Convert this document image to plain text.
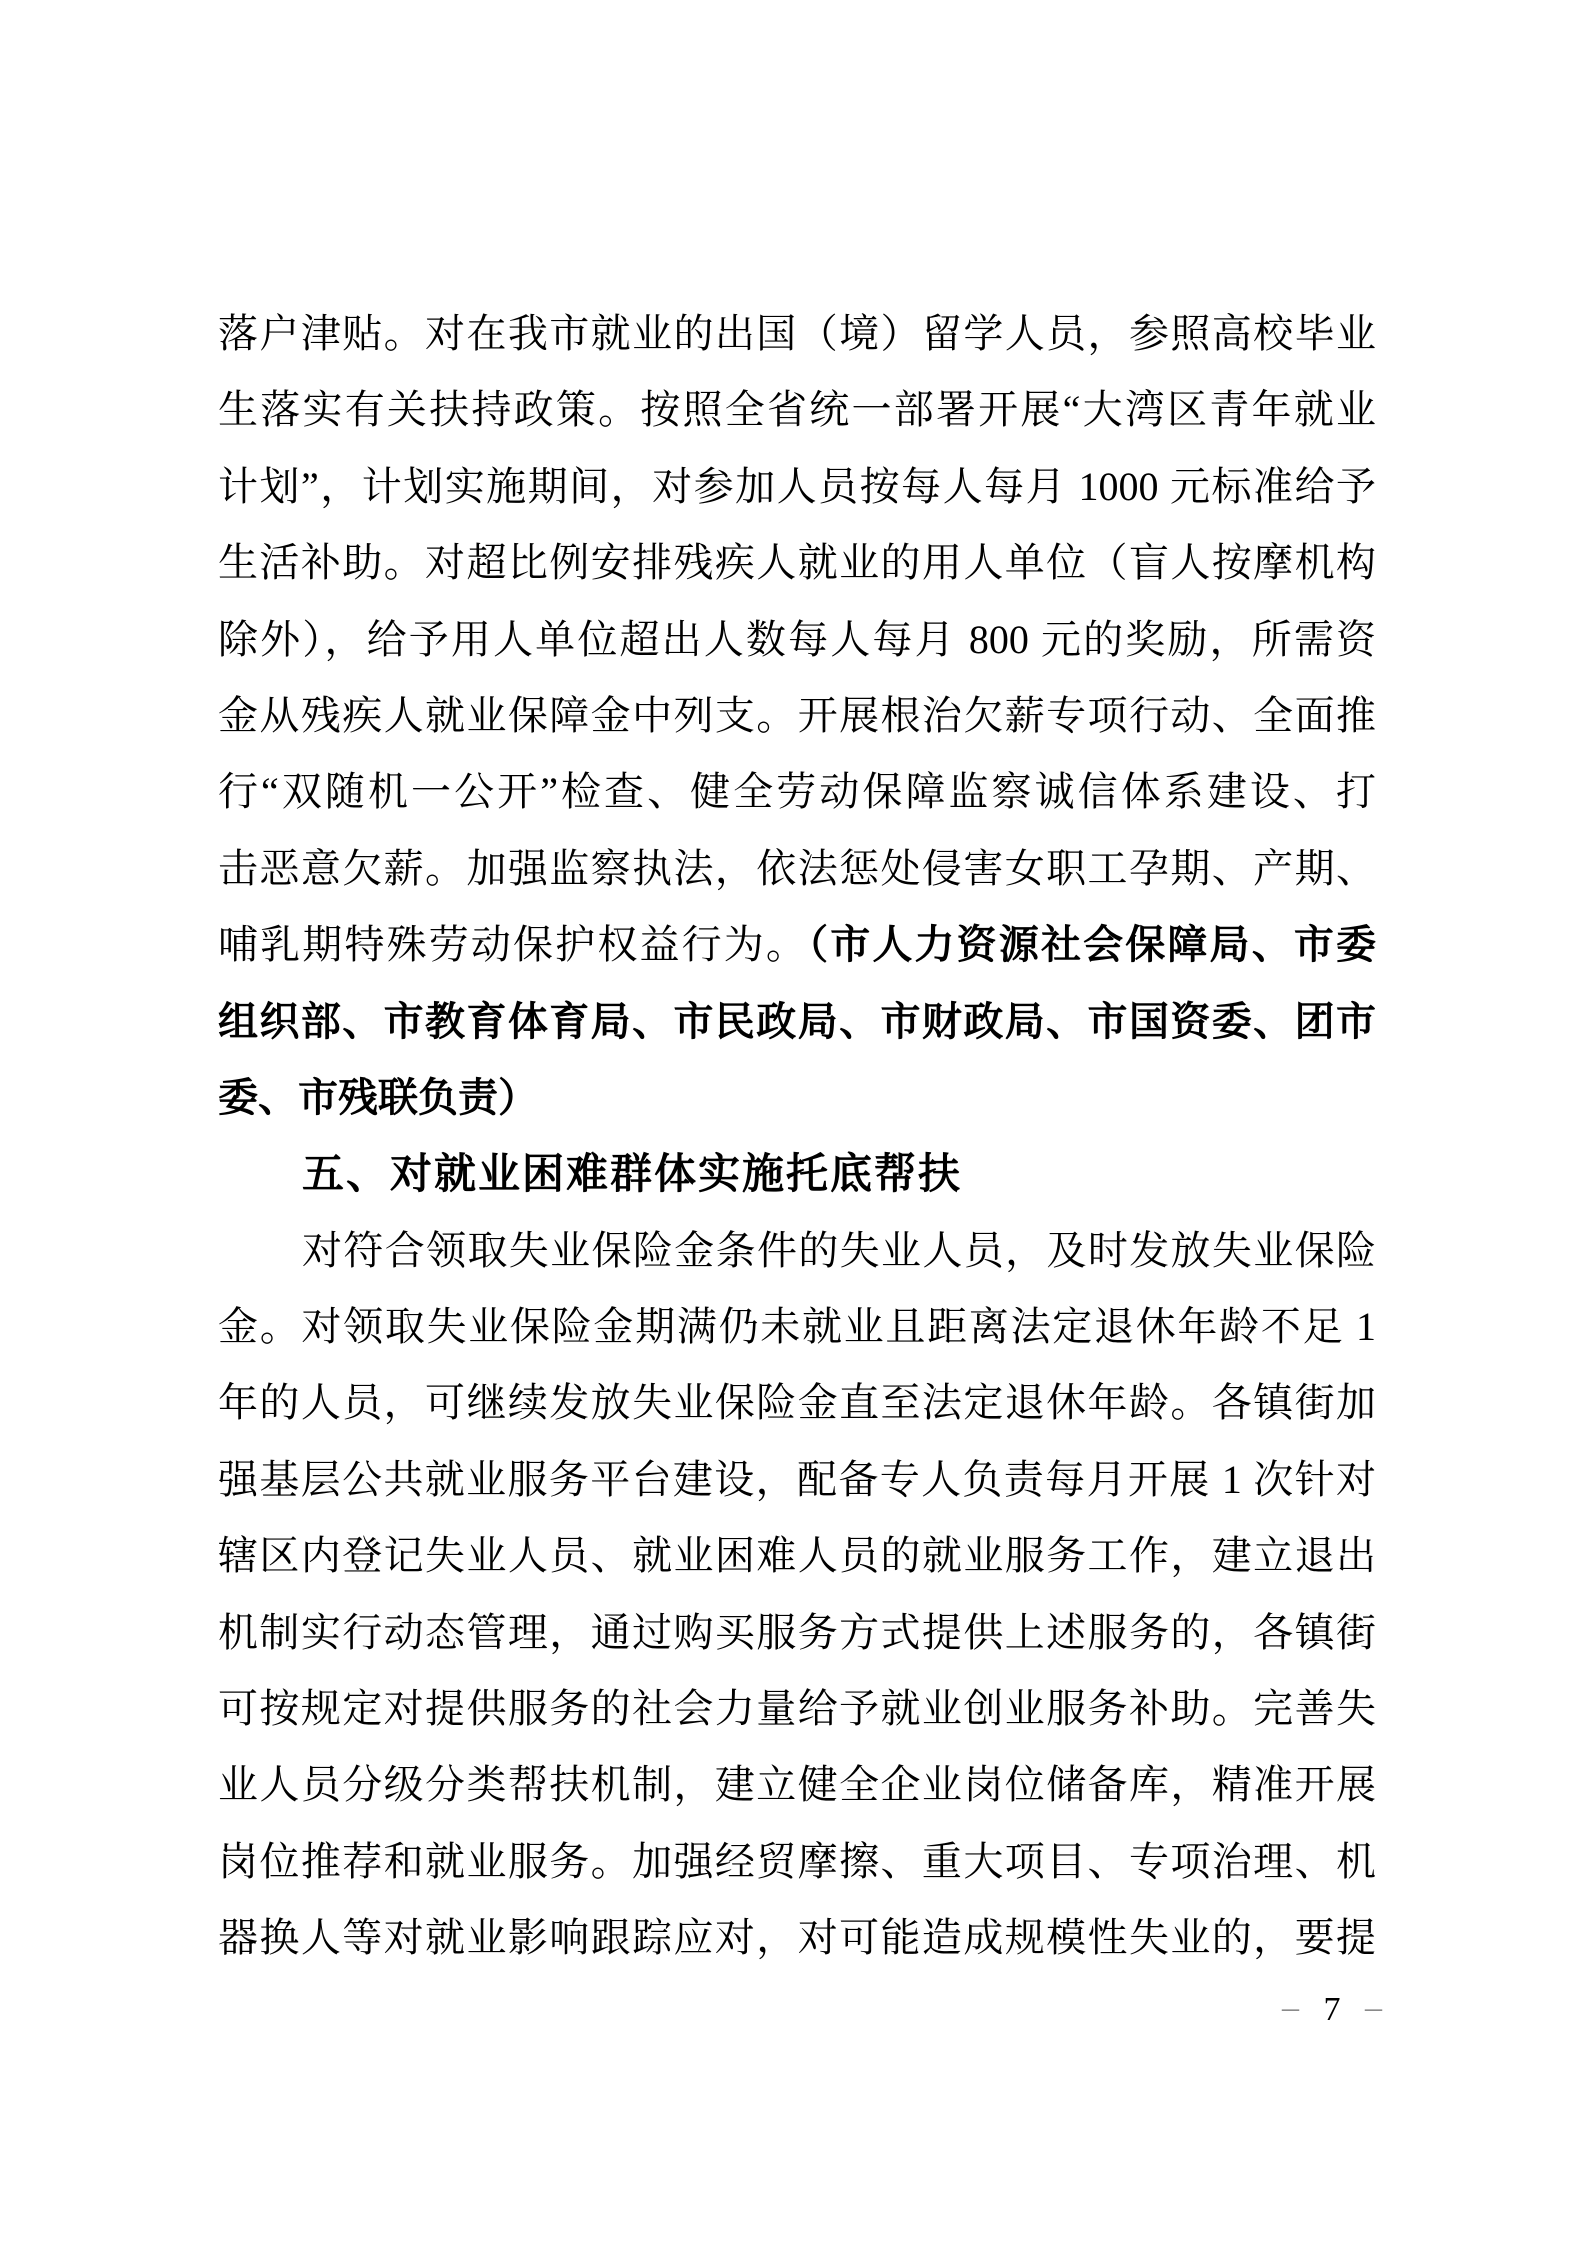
落户津贴。对在我市就业的出国（境）留学人员，参照高校毕业
生落实有关扶持政策。按照全省统一部署开展“大湾区青年就业
计划”，计划实施期间，对参加人员按每人每月 1000 元标准给予
生活补助。对超比例安排残疾人就业的用人单位（盲人按摩机构
除外），给予用人单位超出人数每人每月 800 元的奖励，所需资
金从残疾人就业保障金中列支。开展根治欠薪专项行动、全面推
行“双随机一公开”检查、健全劳动保障监察诚信体系建设、打
击恶意欠薪。加强监察执法，依法惩处侵害女职工孕期、产期、
哺乳期特殊劳动保护权益行为。（市人力资源社会保障局、市委
组织部、市教育体育局、市民政局、市财政局、市国资委、团市
委、市残联负责）
五、对就业困难群体实施托底帮扶
对符合领取失业保险金条件的失业人员，及时发放失业保险
金。对领取失业保险金期满仍未就业且距离法定退休年龄不足 1
年的人员，可继续发放失业保险金直至法定退休年龄。各镇街加
强基层公共就业服务平台建设，配备专人负责每月开展 1 次针对
辖区内登记失业人员、就业困难人员的就业服务工作，建立退出
机制实行动态管理，通过购买服务方式提供上述服务的，各镇街
可按规定对提供服务的社会力量给予就业创业服务补助。完善失
业人员分级分类帮扶机制，建立健全企业岗位储备库，精准开展
岗位推荐和就业服务。加强经贸摩擦、重大项目、专项治理、机
器换人等对就业影响跟踪应对，对可能造成规模性失业的，要提
– 7 –
